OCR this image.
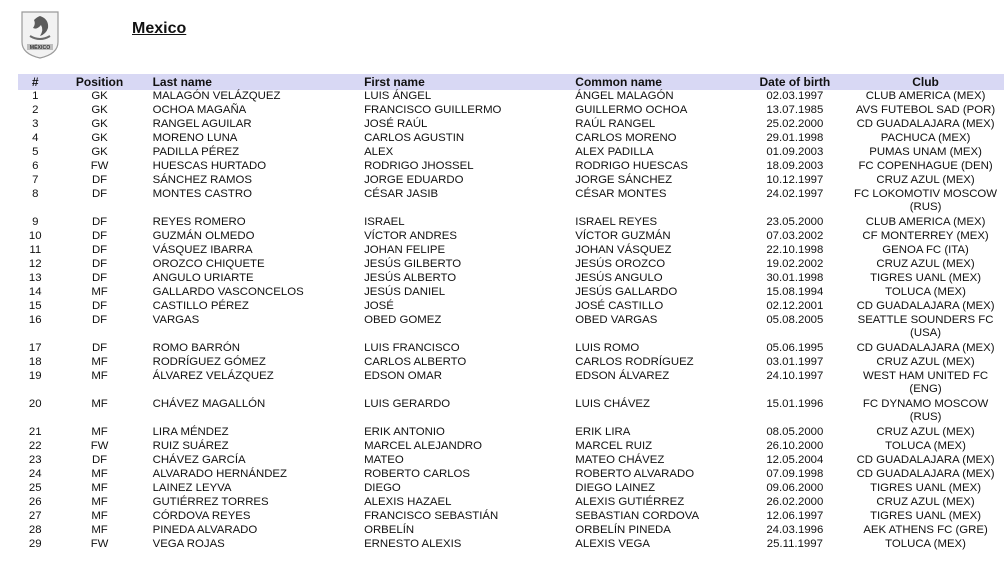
MÉXICO
Mexico
#	Position	Last name	First name	Common name	Date of birth	Club
1	GK	MALAGÓN VELÁZQUEZ	LUIS ÁNGEL	ÁNGEL MALAGÓN	02.03.1997	CLUB AMERICA (MEX)
2	GK	OCHOA MAGAÑA	FRANCISCO GUILLERMO	GUILLERMO OCHOA	13.07.1985	AVS FUTEBOL SAD (POR)
3	GK	RANGEL AGUILAR	JOSÉ RAÚL	RAÚL RANGEL	25.02.2000	CD GUADALAJARA (MEX)
4	GK	MORENO LUNA	CARLOS AGUSTIN	CARLOS MORENO	29.01.1998	PACHUCA (MEX)
5	GK	PADILLA PÉREZ	ALEX	ALEX PADILLA	01.09.2003	PUMAS UNAM (MEX)
6	FW	HUESCAS HURTADO	RODRIGO JHOSSEL	RODRIGO HUESCAS	18.09.2003	FC COPENHAGUE (DEN)
7	DF	SÁNCHEZ RAMOS	JORGE EDUARDO	JORGE SÁNCHEZ	10.12.1997	CRUZ AZUL (MEX)
8	DF	MONTES CASTRO	CÉSAR JASIB	CÉSAR MONTES	24.02.1997	FC LOKOMOTIV MOSCOW (RUS)
9	DF	REYES ROMERO	ISRAEL	ISRAEL REYES	23.05.2000	CLUB AMERICA (MEX)
10	DF	GUZMÁN OLMEDO	VÍCTOR ANDRES	VÍCTOR GUZMÁN	07.03.2002	CF MONTERREY (MEX)
11	DF	VÁSQUEZ IBARRA	JOHAN FELIPE	JOHAN VÁSQUEZ	22.10.1998	GENOA FC (ITA)
12	DF	OROZCO CHIQUETE	JESÚS GILBERTO	JESÚS OROZCO	19.02.2002	CRUZ AZUL (MEX)
13	DF	ANGULO URIARTE	JESÚS ALBERTO	JESÚS ANGULO	30.01.1998	TIGRES UANL (MEX)
14	MF	GALLARDO VASCONCELOS	JESÚS DANIEL	JESÚS GALLARDO	15.08.1994	TOLUCA (MEX)
15	DF	CASTILLO PÉREZ	JOSÉ	JOSÉ CASTILLO	02.12.2001	CD GUADALAJARA (MEX)
16	DF	VARGAS	OBED GOMEZ	OBED VARGAS	05.08.2005	SEATTLE SOUNDERS FC (USA)
17	DF	ROMO BARRÓN	LUIS FRANCISCO	LUIS ROMO	05.06.1995	CD GUADALAJARA (MEX)
18	MF	RODRÍGUEZ GÓMEZ	CARLOS ALBERTO	CARLOS RODRÍGUEZ	03.01.1997	CRUZ AZUL (MEX)
19	MF	ÁLVAREZ VELÁZQUEZ	EDSON OMAR	EDSON ÁLVAREZ	24.10.1997	WEST HAM UNITED FC (ENG)
20	MF	CHÁVEZ MAGALLÓN	LUIS GERARDO	LUIS CHÁVEZ	15.01.1996	FC DYNAMO MOSCOW (RUS)
21	MF	LIRA MÉNDEZ	ERIK ANTONIO	ERIK LIRA	08.05.2000	CRUZ AZUL (MEX)
22	FW	RUIZ SUÁREZ	MARCEL ALEJANDRO	MARCEL RUIZ	26.10.2000	TOLUCA (MEX)
23	DF	CHÁVEZ GARCÍA	MATEO	MATEO CHÁVEZ	12.05.2004	CD GUADALAJARA (MEX)
24	MF	ALVARADO HERNÁNDEZ	ROBERTO CARLOS	ROBERTO ALVARADO	07.09.1998	CD GUADALAJARA (MEX)
25	MF	LAINEZ LEYVA	DIEGO	DIEGO LAINEZ	09.06.2000	TIGRES UANL (MEX)
26	MF	GUTIÉRREZ TORRES	ALEXIS HAZAEL	ALEXIS GUTIÉRREZ	26.02.2000	CRUZ AZUL (MEX)
27	MF	CÓRDOVA REYES	FRANCISCO SEBASTIÁN	SEBASTIAN CORDOVA	12.06.1997	TIGRES UANL (MEX)
28	MF	PINEDA ALVARADO	ORBELÍN	ORBELÍN PINEDA	24.03.1996	AEK ATHENS FC (GRE)
29	FW	VEGA ROJAS	ERNESTO ALEXIS	ALEXIS VEGA	25.11.1997	TOLUCA (MEX)
